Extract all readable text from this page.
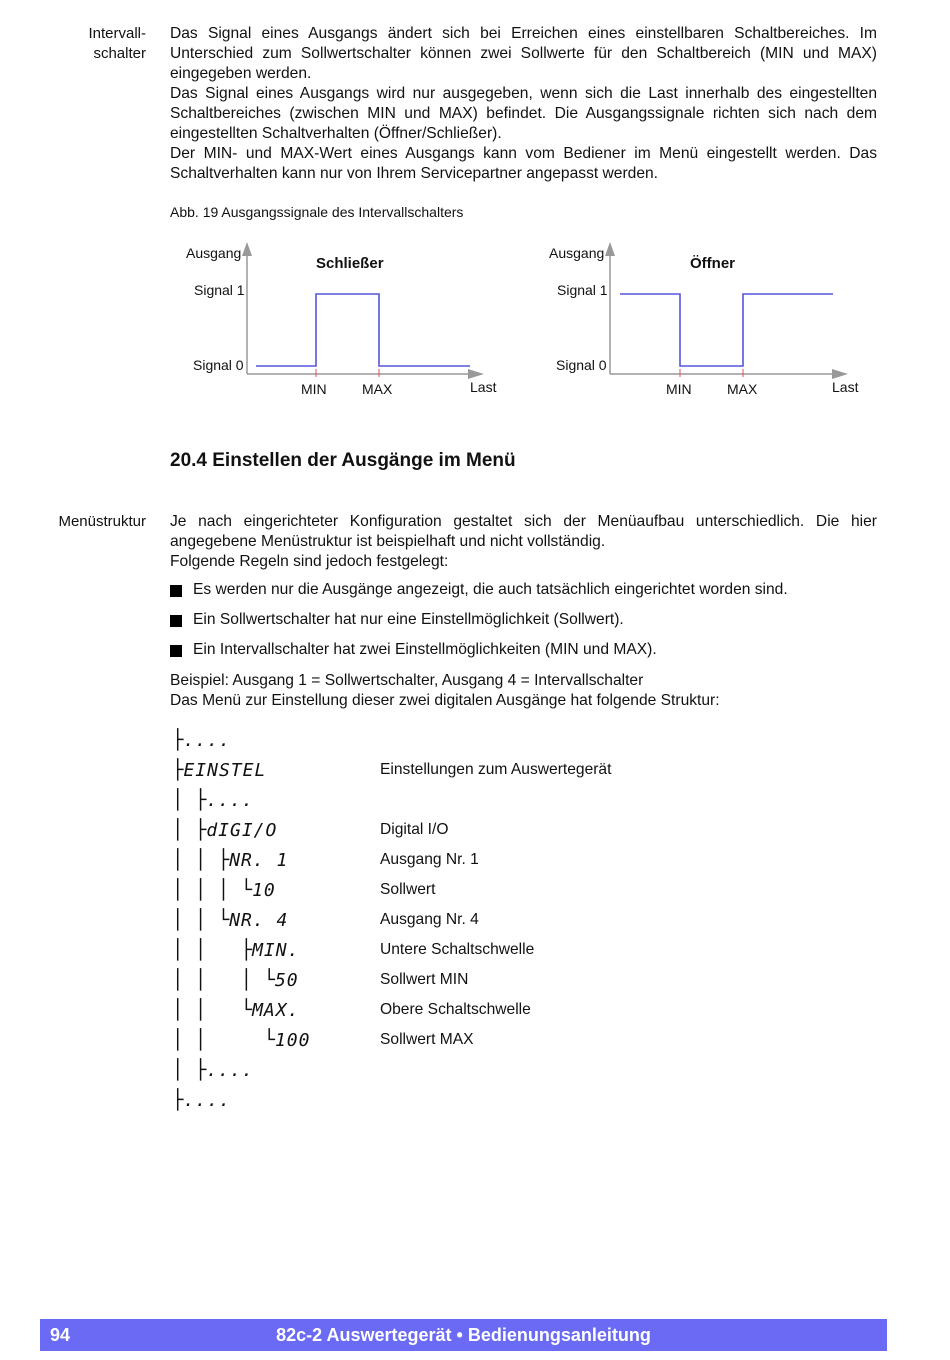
Intervall-
schalter

Das Signal eines Ausgangs ändert sich bei Erreichen eines einstellbaren Schaltbereiches. Im Unterschied zum Sollwertschalter können zwei Sollwerte für den Schaltbereich (MIN und MAX) eingegeben werden.

Das Signal eines Ausgangs wird nur ausgegeben, wenn sich die Last innerhalb des eingestellten Schaltbereiches (zwischen MIN und MAX) befindet. Die Ausgangssignale richten sich nach dem eingestellten Schaltverhalten (Öffner/Schließer).

Der MIN- und MAX-Wert eines Ausgangs kann vom Bediener im Menü eingestellt werden. Das Schaltverhalten kann nur von Ihrem Servicepartner angepasst werden.

Abb. 19 Ausgangssignale des Intervallschalters
Ausgang
Schließer
Signal 1
Signal 0
MIN	MAX	Last
Ausgang
Öffner
Signal 1
Signal 0
MIN	MAX	Last
20.4 Einstellen der Ausgänge im Menü
Menüstruktur Je nach eingerichteter Konfiguration gestaltet sich der Menüaufbau unterschiedlich. Die hier angegebene Menüstruktur ist beispielhaft und nicht vollständig.

Folgende Regeln sind jedoch festgelegt:

Es werden nur die Ausgänge angezeigt, die auch tatsächlich eingerichtet worden sind.
Ein Sollwertschalter hat nur eine Einstellmöglichkeit (Sollwert).
Ein Intervallschalter hat zwei Einstellmöglichkeiten (MIN und MAX).

Beispiel: Ausgang 1 = Sollwertschalter, Ausgang 4 = Intervallschalter

Das Menü zur Einstellung dieser zwei digitalen Ausgänge hat folgende Struktur:

├....
├EINSTEL	Einstellungen zum Auswertegerät
│ ├....
│ ├dIGI/O	Digital I/O
│ │ ├NR. 1	Ausgang Nr. 1
│ │ │ └10	Sollwert
│ │ └NR. 4	Ausgang Nr. 4
│ │   ├MIN.	Untere Schaltschwelle
│ │   │ └50	Sollwert MIN
│ │   └MAX.	Obere Schaltschwelle
│ │     └100	Sollwert MAX
│ ├....
├....
94	82c-2 Auswertegerät • Bedienungsanleitung
